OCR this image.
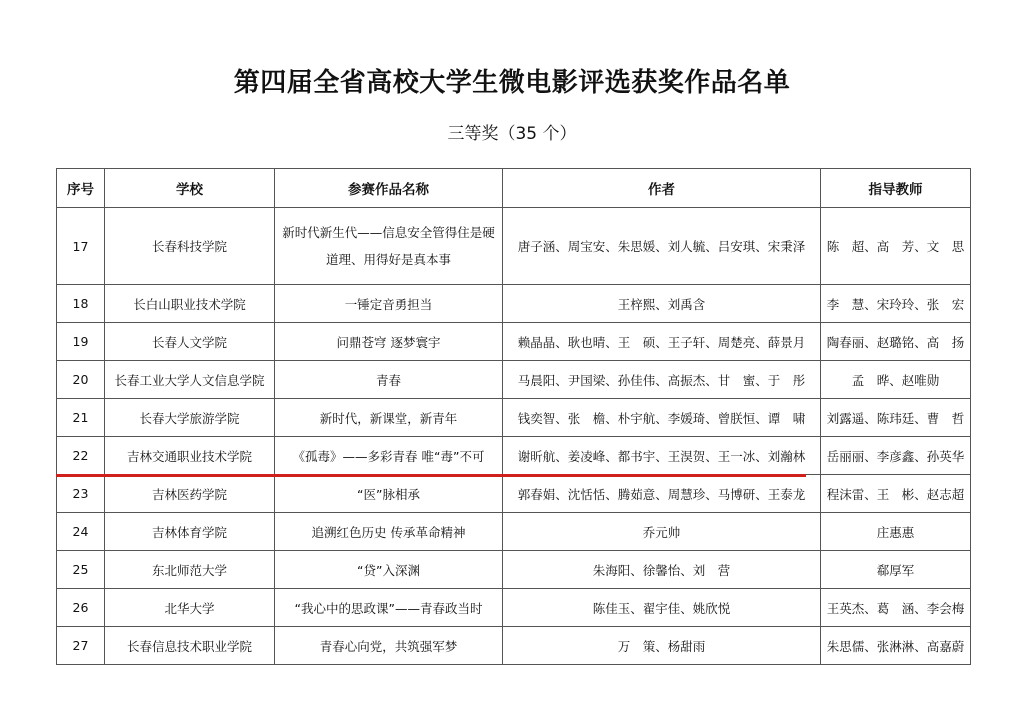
第四届全省高校大学生微电影评选获奖作品名单
三等奖（35 个）
序号	学校	参赛作品名称	作者	指导教师
17	长春科技学院	新时代新生代——信息安全管得住是硬道理、用得好是真本事	唐子涵、周宝安、朱思媛、刘人毓、吕安琪、宋秉泽	陈　超、高　芳、文　思
18	长白山职业技术学院	一锤定音勇担当	王梓熙、刘禹含	李　慧、宋玲玲、张　宏
19	长春人文学院	问鼎苍穹 逐梦寰宇	赖晶晶、耿也晴、王　硕、王子轩、周楚亮、薛景月	陶春丽、赵璐铭、高　扬
20	长春工业大学人文信息学院	青春	马晨阳、尹国梁、孙佳伟、高振杰、甘　蜜、于　彤	孟　晔、赵唯勋
21	长春大学旅游学院	新时代，新课堂，新青年	钱奕智、张　檐、朴宇航、李媛琦、曾朕恒、谭　啸	刘露遥、陈玮廷、曹　哲
22	吉林交通职业技术学院	《孤毒》——多彩青春 唯“毒”不可	谢昕航、姜凌峰、都书宇、王淏贺、王一冰、刘瀚林	岳丽丽、李彦鑫、孙英华
23	吉林医药学院	“医”脉相承	郭春娟、沈恬恬、腾茹意、周慧珍、马博研、王泰龙	程沫雷、王　彬、赵志超
24	吉林体育学院	追溯红色历史 传承革命精神	乔元帅	庄惠惠
25	东北师范大学	“贷”入深渊	朱海阳、徐馨怡、刘　营	郗厚军
26	北华大学	“我心中的思政课”——青春政当时	陈佳玉、翟宇佳、姚欣悦	王英杰、葛　涵、李会梅
27	长春信息技术职业学院	青春心向党，共筑强军梦	万　策、杨甜雨	朱思儒、张淋淋、高嘉蔚
